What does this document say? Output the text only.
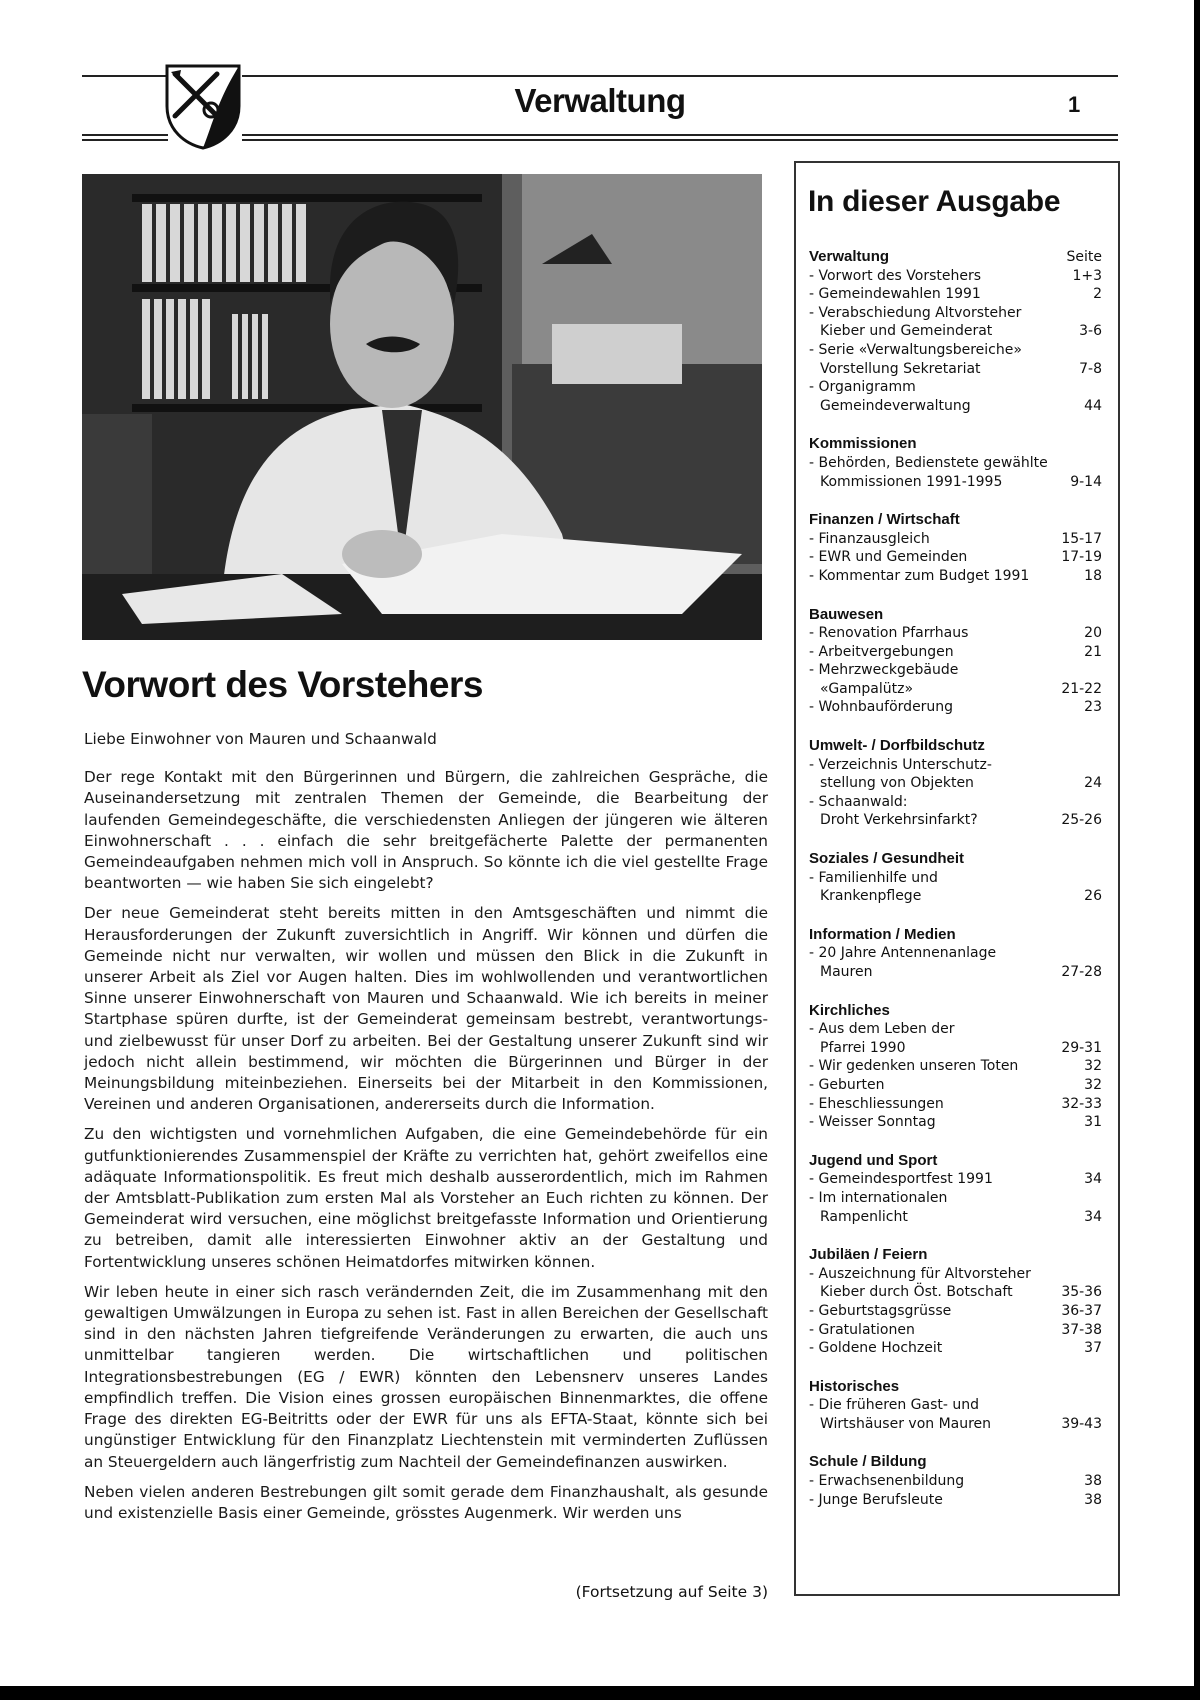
Verwaltung	1
Vorwort des Vorstehers

Liebe Einwohner von Mauren und Schaanwald

Der rege Kontakt mit den Bürgerinnen und Bürgern, die zahlreichen Gespräche, die Auseinandersetzung mit zentralen Themen der Gemeinde, die Bearbeitung der laufenden Gemeindegeschäfte, die verschiedensten Anliegen der jüngeren wie älteren Einwohnerschaft . . . einfach die sehr breitgefächerte Palette der permanenten Gemeindeaufgaben nehmen mich voll in Anspruch. So könnte ich die viel gestellte Frage beantworten — wie haben Sie sich eingelebt?

Der neue Gemeinderat steht bereits mitten in den Amtsgeschäften und nimmt die Herausforderungen der Zukunft zuversichtlich in Angriff. Wir können und dürfen die Gemeinde nicht nur verwalten, wir wollen und müssen den Blick in die Zukunft in unserer Arbeit als Ziel vor Augen halten. Dies im wohlwollenden und verantwortlichen Sinne unserer Einwohnerschaft von Mauren und Schaanwald. Wie ich bereits in meiner Startphase spüren durfte, ist der Gemeinderat gemeinsam bestrebt, verantwortungs- und zielbewusst für unser Dorf zu arbeiten. Bei der Gestaltung unserer Zukunft sind wir jedoch nicht allein bestimmend, wir möchten die Bürgerinnen und Bürger in der Meinungsbildung miteinbeziehen. Einerseits bei der Mitarbeit in den Kommissionen, Vereinen und anderen Organisationen, andererseits durch die Information.

Zu den wichtigsten und vornehmlichen Aufgaben, die eine Gemeindebehörde für ein gutfunktionierendes Zusammenspiel der Kräfte zu verrichten hat, gehört zweifellos eine adäquate Informationspolitik. Es freut mich deshalb ausserordentlich, mich im Rahmen der Amtsblatt-Publikation zum ersten Mal als Vorsteher an Euch richten zu können. Der Gemeinderat wird versuchen, eine möglichst breitgefasste Information und Orientierung zu betreiben, damit alle interessierten Einwohner aktiv an der Gestaltung und Fortentwicklung unseres schönen Heimatdorfes mitwirken können.

Wir leben heute in einer sich rasch verändernden Zeit, die im Zusammenhang mit den gewaltigen Umwälzungen in Europa zu sehen ist. Fast in allen Bereichen der Gesellschaft sind in den nächsten Jahren tiefgreifende Veränderungen zu erwarten, die auch uns unmittelbar tangieren werden. Die wirtschaftlichen und politischen Integrationsbestrebungen (EG / EWR) könnten den Lebensnerv unseres Landes empfindlich treffen. Die Vision eines grossen europäischen Binnenmarktes, die offene Frage des direkten EG-Beitritts oder der EWR für uns als EFTA-Staat, könnte sich bei ungünstiger Entwicklung für den Finanzplatz Liechtenstein mit verminderten Zuflüssen an Steuergeldern auch längerfristig zum Nachteil der Gemeindefinanzen auswirken.

Neben vielen anderen Bestrebungen gilt somit gerade dem Finanzhaushalt, als gesunde und existenzielle Basis einer Gemeinde, grösstes Augenmerk. Wir werden uns

(Fortsetzung auf Seite 3)
In dieser Ausgabe
Verwaltung	Seite
- Vorwort des Vorstehers	1+3
- Gemeindewahlen 1991	2
- Verabschiedung Altvorsteher
Kieber und Gemeinderat	3-6
- Serie «Verwaltungsbereiche»
Vorstellung Sekretariat	7-8
- Organigramm
Gemeindeverwaltung	44
Kommissionen
- Behörden, Bedienstete gewählte
Kommissionen 1991-1995	9-14
Finanzen / Wirtschaft
- Finanzausgleich	15-17
- EWR und Gemeinden	17-19
- Kommentar zum Budget 1991	18
Bauwesen
- Renovation Pfarrhaus	20
- Arbeitvergebungen	21
- Mehrzweckgebäude
«Gampalütz»	21-22
- Wohnbauförderung	23
Umwelt- / Dorfbildschutz
- Verzeichnis Unterschutz-
stellung von Objekten	24
- Schaanwald:
Droht Verkehrsinfarkt?	25-26
Soziales / Gesundheit
- Familienhilfe und
Krankenpflege	26
Information / Medien
- 20 Jahre Antennenanlage
Mauren	27-28
Kirchliches
- Aus dem Leben der
Pfarrei 1990	29-31
- Wir gedenken unseren Toten	32
- Geburten	32
- Eheschliessungen	32-33
- Weisser Sonntag	31
Jugend und Sport
- Gemeindesportfest 1991	34
- Im internationalen
Rampenlicht	34
Jubiläen / Feiern
- Auszeichnung für Altvorsteher
Kieber durch Öst. Botschaft	35-36
- Geburtstagsgrüsse	36-37
- Gratulationen	37-38
- Goldene Hochzeit	37
Historisches
- Die früheren Gast- und
Wirtshäuser von Mauren	39-43
Schule / Bildung
- Erwachsenenbildung	38
- Junge Berufsleute	38
